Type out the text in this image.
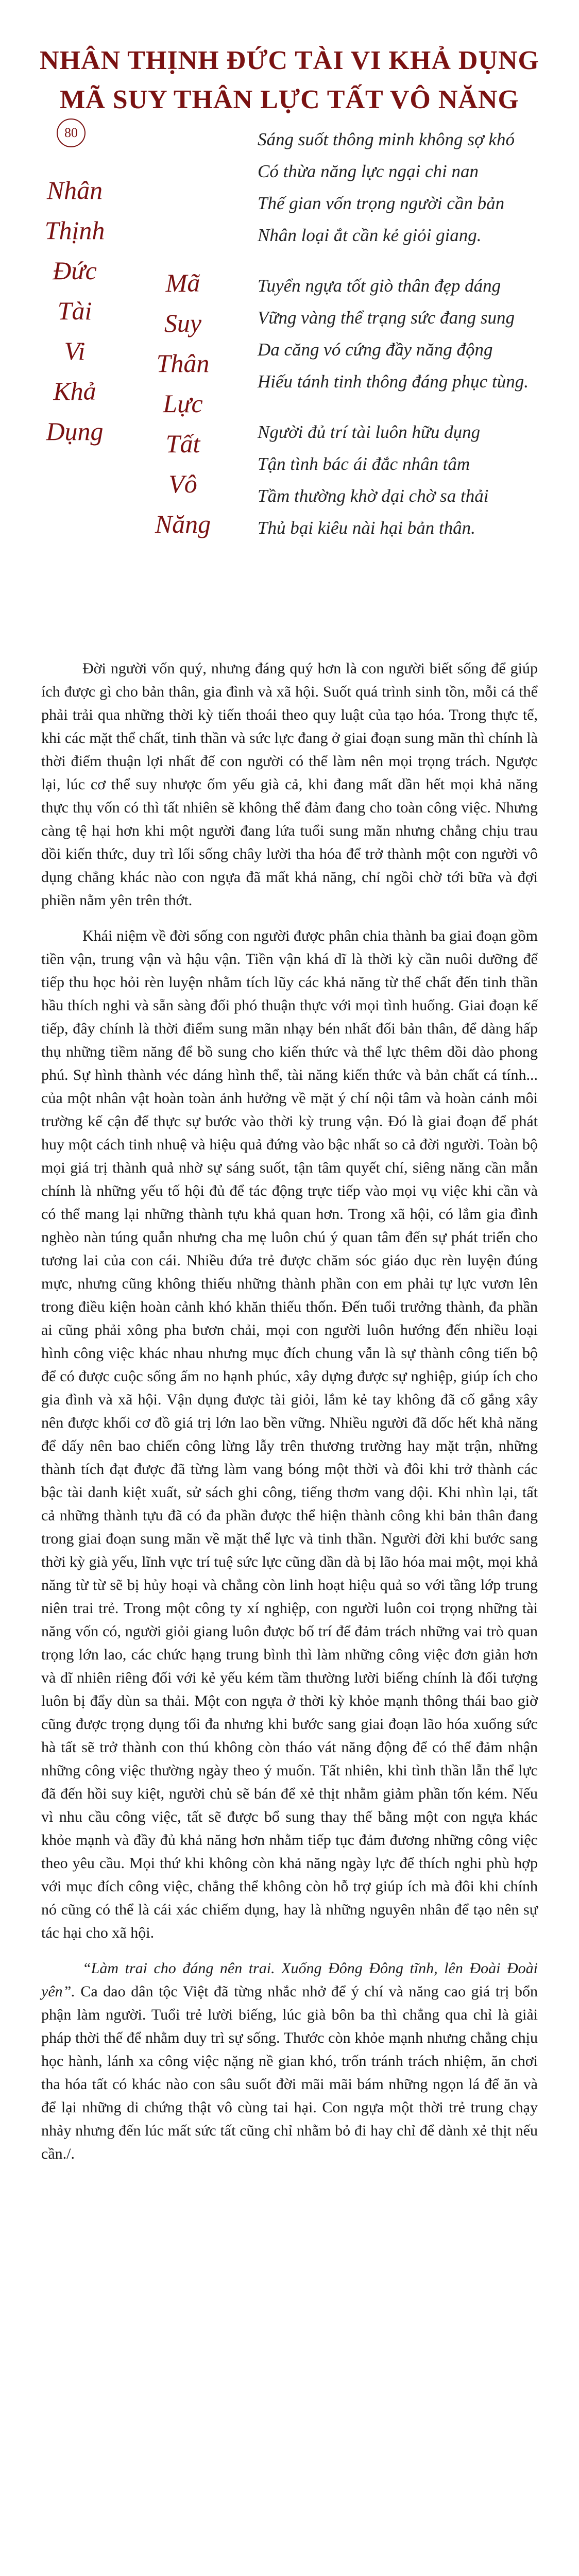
NHÂN THỊNH ĐỨC TÀI VI KHẢ DỤNG
MÃ SUY THÂN LỰC TẤT VÔ NĂNG
80
Nhân
Thịnh
Đức
Tài
Vi
Khả
Dụng
Mã
Suy
Thân
Lực
Tất
Vô
Năng
Sáng suốt thông minh không sợ khó
Có thừa năng lực ngại chi nan
Thế gian vốn trọng người cần bản
Nhân loại ắt cần kẻ giỏi giang.
Tuyển ngựa tốt giò thân đẹp dáng
Vững vàng thể trạng sức đang sung
Da căng vó cứng đầy năng động
Hiếu tánh tinh thông đáng phục tùng.
Người đủ trí tài luôn hữu dụng
Tận tình bác ái đắc nhân tâm
Tầm thường khờ dại chờ sa thải
Thủ bại kiêu nài hại bản thân.

Đời người vốn quý, nhưng đáng quý hơn là con người biết sống để giúp ích được gì cho bản thân, gia đình và xã hội. Suốt quá trình sinh tồn, mỗi cá thể phải trải qua những thời kỳ tiến thoái theo quy luật của tạo hóa. Trong thực tế, khi các mặt thể chất, tinh thần và sức lực đang ở giai đoạn sung mãn thì chính là thời điểm thuận lợi nhất để con người có thể làm nên mọi trọng trách. Ngược lại, lúc cơ thể suy nhược ốm yếu già cả, khi đang mất dần hết mọi khả năng thực thụ vốn có thì tất nhiên sẽ không thể đảm đang cho toàn công việc. Nhưng càng tệ hại hơn khi một người đang lứa tuổi sung mãn nhưng chẳng chịu trau dồi kiến thức, duy trì lối sống chây lười tha hóa để trở thành một con người vô dụng chẳng khác nào con ngựa đã mất khả năng, chỉ ngồi chờ tới bữa và đợi phiền nằm yên trên thớt.

Khái niệm về đời sống con người được phân chia thành ba giai đoạn gồm tiền vận, trung vận và hậu vận. Tiền vận khá dĩ là thời kỳ cần nuôi dưỡng để tiếp thu học hỏi rèn luyện nhằm tích lũy các khả năng từ thể chất đến tinh thần hầu thích nghi và sẵn sàng đối phó thuận thực với mọi tình huống. Giai đoạn kế tiếp, đây chính là thời điểm sung mãn nhạy bén nhất đối bản thân, để dàng hấp thụ những tiềm năng để bồ sung cho kiến thức và thể lực thêm dồi dào phong phú. Sự hình thành véc dáng hình thể, tài năng kiến thức và bản chất cá tính... của một nhân vật hoàn toàn ảnh hưởng về mặt ý chí nội tâm và hoàn cảnh môi trường kế cận để thực sự bước vào thời kỳ trung vận. Đó là giai đoạn để phát huy một cách tinh nhuệ và hiệu quả đứng vào bậc nhất so cả đời người. Toàn bộ mọi giá trị thành quả nhờ sự sáng suốt, tận tâm quyết chí, siêng năng cần mẫn chính là những yếu tố hội đủ để tác động trực tiếp vào mọi vụ việc khi cần và có thể mang lại những thành tựu khả quan hơn. Trong xã hội, có lắm gia đình nghèo nàn túng quẫn nhưng cha mẹ luôn chú ý quan tâm đến sự phát triển cho tương lai của con cái. Nhiều đứa trẻ được chăm sóc giáo dục rèn luyện đúng mực, nhưng cũng không thiếu những thành phần con em phải tự lực vươn lên trong điều kiện hoàn cảnh khó khăn thiếu thốn. Đến tuổi trưởng thành, đa phần ai cũng phải xông pha bươn chải, mọi con người luôn hướng đến nhiều loại hình công việc khác nhau nhưng mục đích chung vẫn là sự thành công tiến bộ để có được cuộc sống ấm no hạnh phúc, xây dựng được sự nghiệp, giúp ích cho gia đình và xã hội. Vận dụng được tài giỏi, lắm kẻ tay không đã cố gắng xây nên được khối cơ đồ giá trị lớn lao bền vững. Nhiều người đã dốc hết khả năng để dấy nên bao chiến công lừng lẫy trên thương trường hay mặt trận, những thành tích đạt được đã từng làm vang bóng một thời và đôi khi trở thành các bậc tài danh kiệt xuất, sử sách ghi công, tiếng thơm vang dội. Khi nhìn lại, tất cả những thành tựu đã có đa phần được thể hiện thành công khi bản thân đang trong giai đoạn sung mãn về mặt thể lực và tinh thần. Người đời khi bước sang thời kỳ già yếu, lĩnh vực trí tuệ sức lực cũng dần dà bị lão hóa mai một, mọi khả năng từ từ sẽ bị hủy hoại và chẳng còn linh hoạt hiệu quả so với tầng lớp trung niên trai trẻ. Trong một công ty xí nghiệp, con người luôn coi trọng những tài năng vốn có, người giỏi giang luôn được bố trí để đảm trách những vai trò quan trọng lớn lao, các chức hạng trung bình thì làm những công việc đơn giản hơn và dĩ nhiên riêng đối với kẻ yếu kém tầm thường lười biếng chính là đối tượng luôn bị đẩy dùn sa thải. Một con ngựa ở thời kỳ khỏe mạnh thông thái bao giờ cũng được trọng dụng tối đa nhưng khi bước sang giai đoạn lão hóa xuống sức hà tất sẽ trở thành con thú không còn tháo vát năng động để có thể đảm nhận những công việc thường ngày theo ý muốn. Tất nhiên, khi tình thần lẫn thể lực đã đến hồi suy kiệt, người chủ sẽ bán để xẻ thịt nhằm giảm phần tốn kém. Nếu vì nhu cầu công việc, tất sẽ được bổ sung thay thế bằng một con ngựa khác khỏe mạnh và đầy đủ khả năng hơn nhằm tiếp tục đảm đương những công việc theo yêu cầu. Mọi thứ khi không còn khả năng ngày lực để thích nghi phù hợp với mục đích công việc, chẳng thể không còn hỗ trợ giúp ích mà đôi khi chính nó cũng có thể là cái xác chiếm dụng, hay là những nguyên nhân để tạo nên sự tác hại cho xã hội.

“Làm trai cho đáng nên trai. Xuống Đông Đông tĩnh, lên Đoài Đoài yên”. Ca dao dân tộc Việt đã từng nhắc nhở để ý chí và năng cao giá trị bổn phận làm người. Tuổi trẻ lười biếng, lúc già bôn ba thì chẳng qua chỉ là giải pháp thời thế để nhằm duy trì sự sống. Thước còn khỏe mạnh nhưng chẳng chịu học hành, lánh xa công việc nặng nề gian khó, trốn tránh trách nhiệm, ăn chơi tha hóa tất có khác nào con sâu suốt đời mãi mãi bám những ngọn lá để ăn và để lại những di chứng thật vô cùng tai hại. Con ngựa một thời trẻ trung chạy nhảy nhưng đến lúc mất sức tất cũng chỉ nhằm bỏ đi hay chỉ để dành xẻ thịt nếu cần./.
